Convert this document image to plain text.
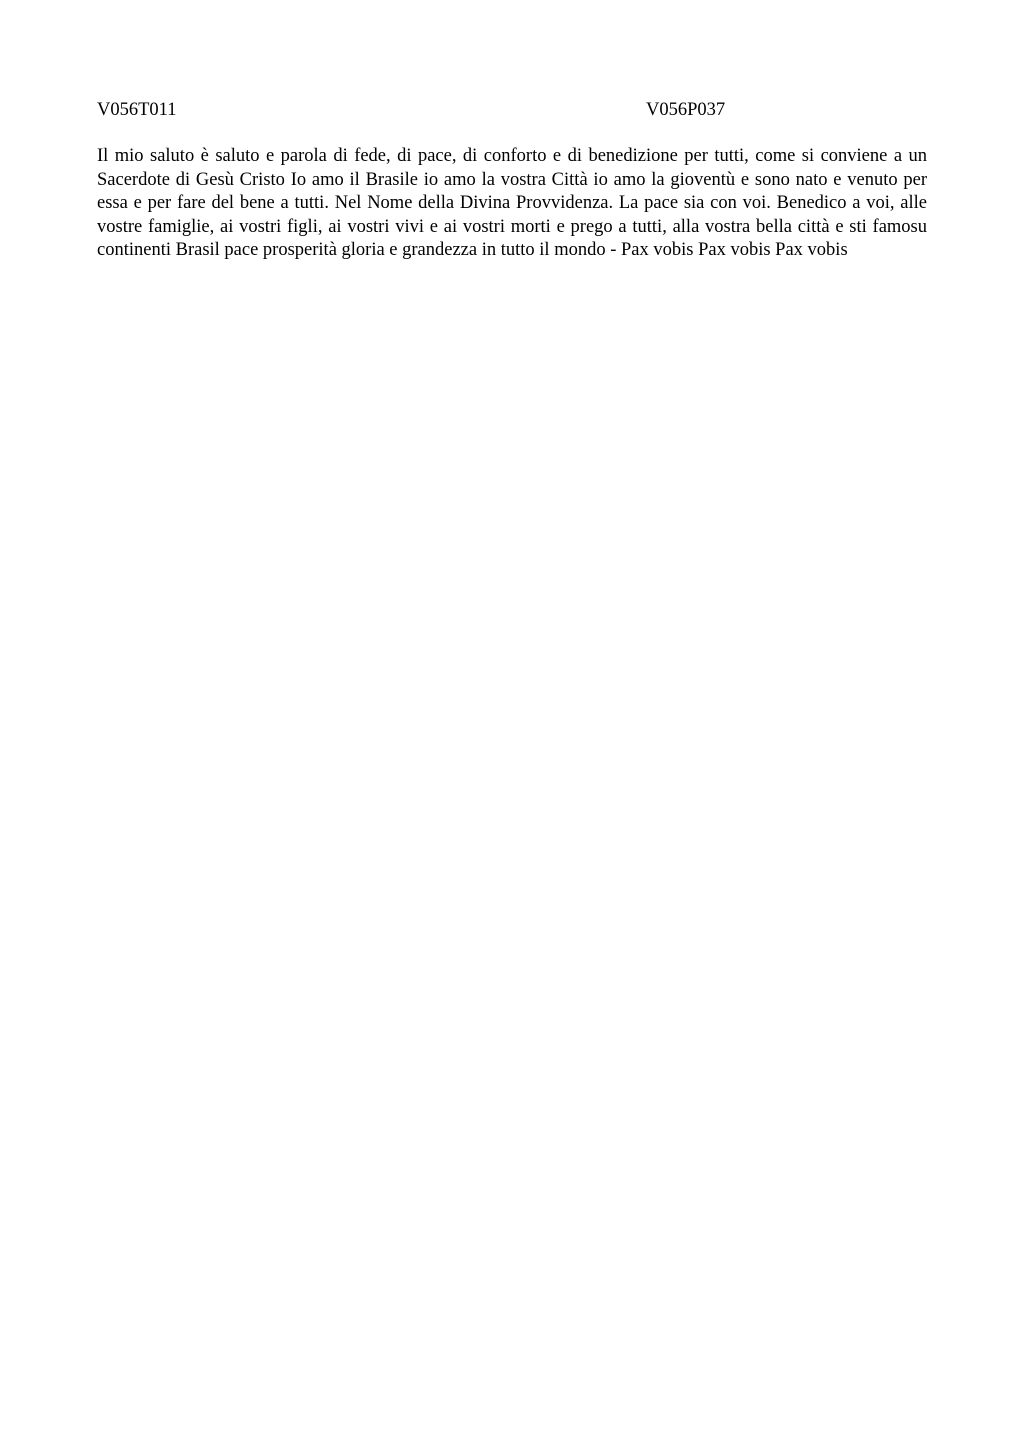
V056T011	V056P037

Il mio saluto è saluto e parola di fede, di pace, di conforto e di benedizione per tutti, come si conviene a un Sacerdote di Gesù Cristo Io amo il Brasile io amo la vostra Città io amo la gioventù e sono nato e venuto per essa e per fare del bene a tutti. Nel Nome della Divina Provvidenza. La pace sia con voi. Benedico a voi, alle vostre famiglie, ai vostri figli, ai vostri vivi e ai vostri morti e prego a tutti, alla vostra bella città e sti famosu continenti Brasil pace prosperità gloria e grandezza in tutto il mondo - Pax vobis Pax vobis Pax vobis
